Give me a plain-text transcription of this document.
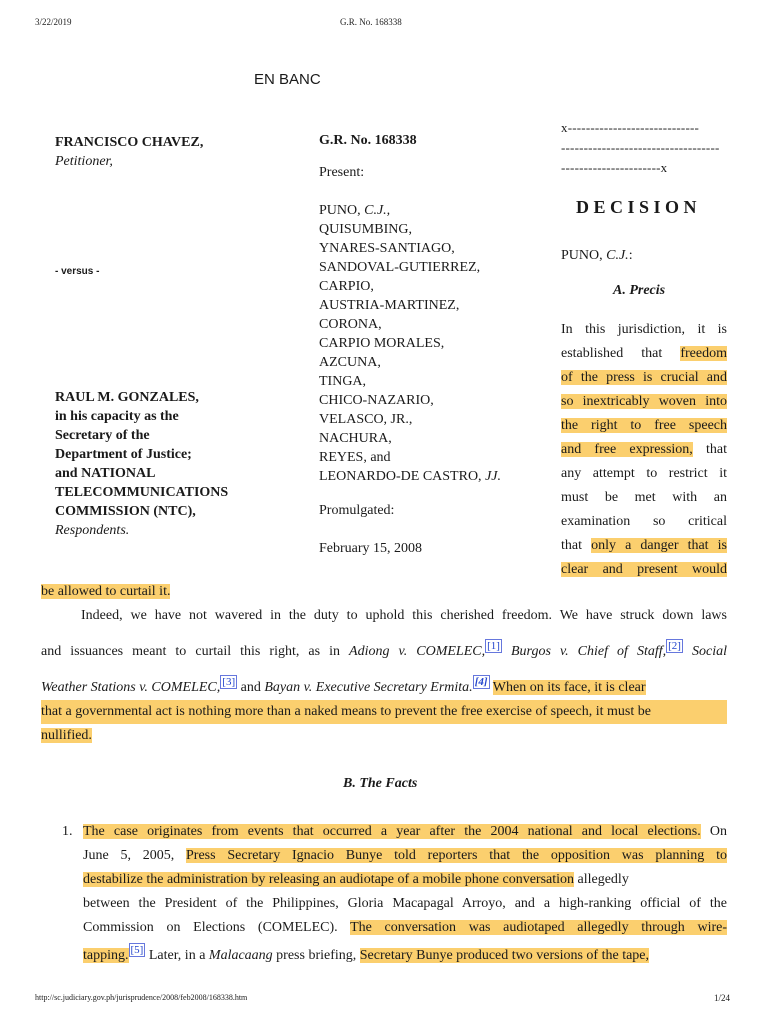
3/22/2019	G.R. No. 168338
EN BANC
FRANCISCO CHAVEZ,
Petitioner,
- versus -
RAUL M. GONZALES,
in his capacity as the
Secretary of the
Department of Justice;
and NATIONAL
TELECOMMUNICATIONS
COMMISSION (NTC),
Respondents.
G.R. No. 168338
Present:
PUNO, C.J.,
QUISUMBING,
YNARES-SANTIAGO,
SANDOVAL-GUTIERREZ,
CARPIO,
AUSTRIA-MARTINEZ,
CORONA,
CARPIO MORALES,
AZCUNA,
TINGA,
CHICO-NAZARIO,
VELASCO, JR.,
NACHURA,
REYES, and
LEONARDO-DE CASTRO, JJ.
Promulgated:
February 15, 2008
x-----------------------------
-----------------------------------
----------------------x
D E C I S I O N
PUNO, C.J.:
A. Precis
In this jurisdiction, it is
established that freedom
of the press is crucial and
so inextricably woven into
the right to free speech
and free expression, that
any attempt to restrict it
must be met with an
examination so critical
that only a danger that is
clear and present would
be allowed to curtail it.
Indeed, we have not wavered in the duty to uphold this cherished freedom. We have struck down laws
and issuances meant to curtail this right, as in Adiong v. COMELEC, [1] Burgos v. Chief of Staff, [2] Social
Weather Stations v. COMELEC, [3] and Bayan v. Executive Secretary Ermita. [4] When on its face, it is clear
that a governmental act is nothing more than a naked means to prevent the free exercise of speech, it must be
nullified.
B. The Facts
1. The case originates from events that occurred a year after the 2004 national and local elections. On
June 5, 2005, Press Secretary Ignacio Bunye told reporters that the opposition was planning to
destabilize the administration by releasing an audiotape of a mobile phone conversation allegedly
between the President of the Philippines, Gloria Macapagal Arroyo, and a high-ranking official of the
Commission on Elections (COMELEC). The conversation was audiotaped allegedly through wire-
tapping. [5] Later, in a Malacaang press briefing, Secretary Bunye produced two versions of the tape,
http://sc.judiciary.gov.ph/jurisprudence/2008/feb2008/168338.htm	1/24
